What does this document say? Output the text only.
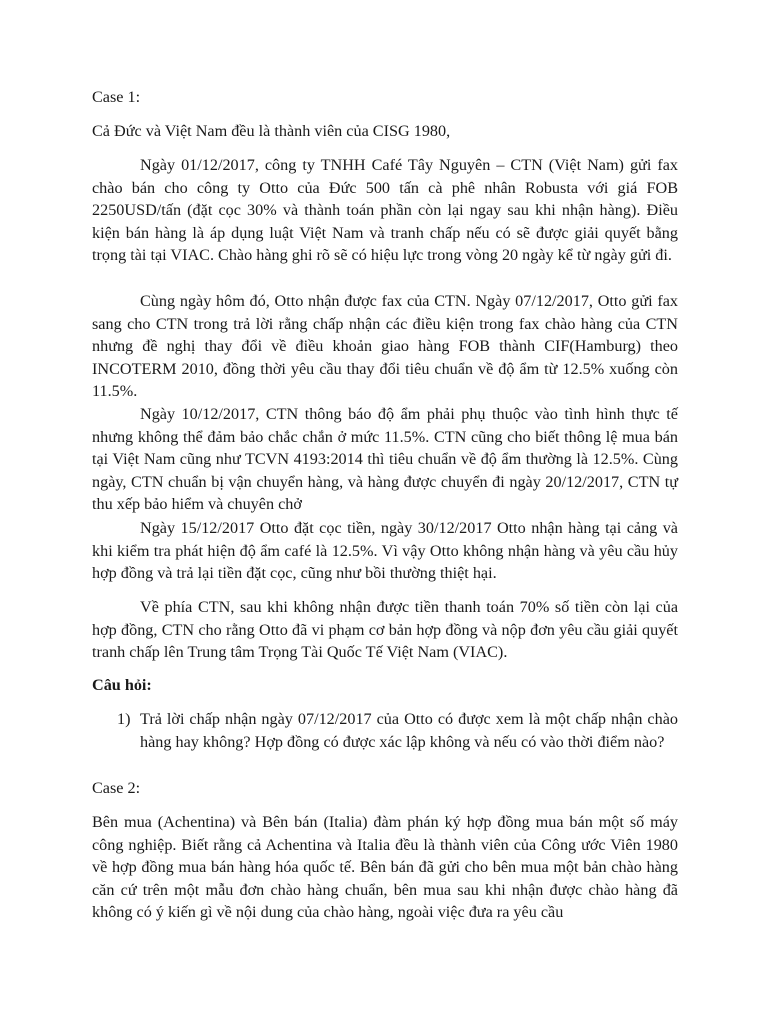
Case 1:

Cả Đức và Việt Nam đều là thành viên của CISG 1980,

Ngày 01/12/2017, công ty TNHH Café Tây Nguyên – CTN (Việt Nam) gửi fax chào bán cho công ty Otto của Đức 500 tấn cà phê nhân Robusta với giá FOB 2250USD/tấn (đặt cọc 30% và thành toán phần còn lại ngay sau khi nhận hàng). Điều kiện bán hàng là áp dụng luật Việt Nam và tranh chấp nếu có sẽ được giải quyết bằng trọng tài tại VIAC. Chào hàng ghi rõ sẽ có hiệu lực trong vòng 20 ngày kể từ ngày gửi đi.

Cùng ngày hôm đó, Otto nhận được fax của CTN. Ngày 07/12/2017, Otto gửi fax sang cho CTN trong trả lời rằng chấp nhận các điều kiện trong fax chào hàng của CTN nhưng đề nghị thay đổi về điều khoản giao hàng FOB thành CIF(Hamburg) theo INCOTERM 2010, đồng thời yêu cầu thay đổi tiêu chuẩn về độ ẩm từ 12.5% xuống còn 11.5%.

Ngày 10/12/2017, CTN thông báo độ ẩm phải phụ thuộc vào tình hình thực tế nhưng không thể đảm bảo chắc chắn ở mức 11.5%. CTN cũng cho biết thông lệ mua bán tại Việt Nam cũng như TCVN 4193:2014 thì tiêu chuẩn về độ ẩm thường là 12.5%. Cùng ngày, CTN chuẩn bị vận chuyển hàng, và hàng được chuyển đi ngày 20/12/2017, CTN tự thu xếp bảo hiểm và chuyên chở

Ngày 15/12/2017 Otto đặt cọc tiền, ngày 30/12/2017 Otto nhận hàng tại cảng và khi kiểm tra phát hiện độ ẩm café là 12.5%. Vì vậy Otto không nhận hàng và yêu cầu hủy hợp đồng và trả lại tiền đặt cọc, cũng như bồi thường thiệt hại.

Về phía CTN, sau khi không nhận được tiền thanh toán 70% số tiền còn lại của hợp đồng, CTN cho rằng Otto đã vi phạm cơ bản hợp đồng và nộp đơn yêu cầu giải quyết tranh chấp lên Trung tâm Trọng Tài Quốc Tế Việt Nam (VIAC).

Câu hỏi:

1) Trả lời chấp nhận ngày 07/12/2017 của Otto có được xem là một chấp nhận chào hàng hay không? Hợp đồng có được xác lập không và nếu có vào thời điểm nào?

Case 2:

Bên mua (Achentina) và Bên bán (Italia) đàm phán ký hợp đồng mua bán một số máy công nghiệp. Biết rằng cả Achentina và Italia đều là thành viên của Công ước Viên 1980 về hợp đồng mua bán hàng hóa quốc tế. Bên bán đã gửi cho bên mua một bản chào hàng căn cứ trên một mẫu đơn chào hàng chuẩn, bên mua sau khi nhận được chào hàng đã không có ý kiến gì về nội dung của chào hàng, ngoài việc đưa ra yêu cầu
